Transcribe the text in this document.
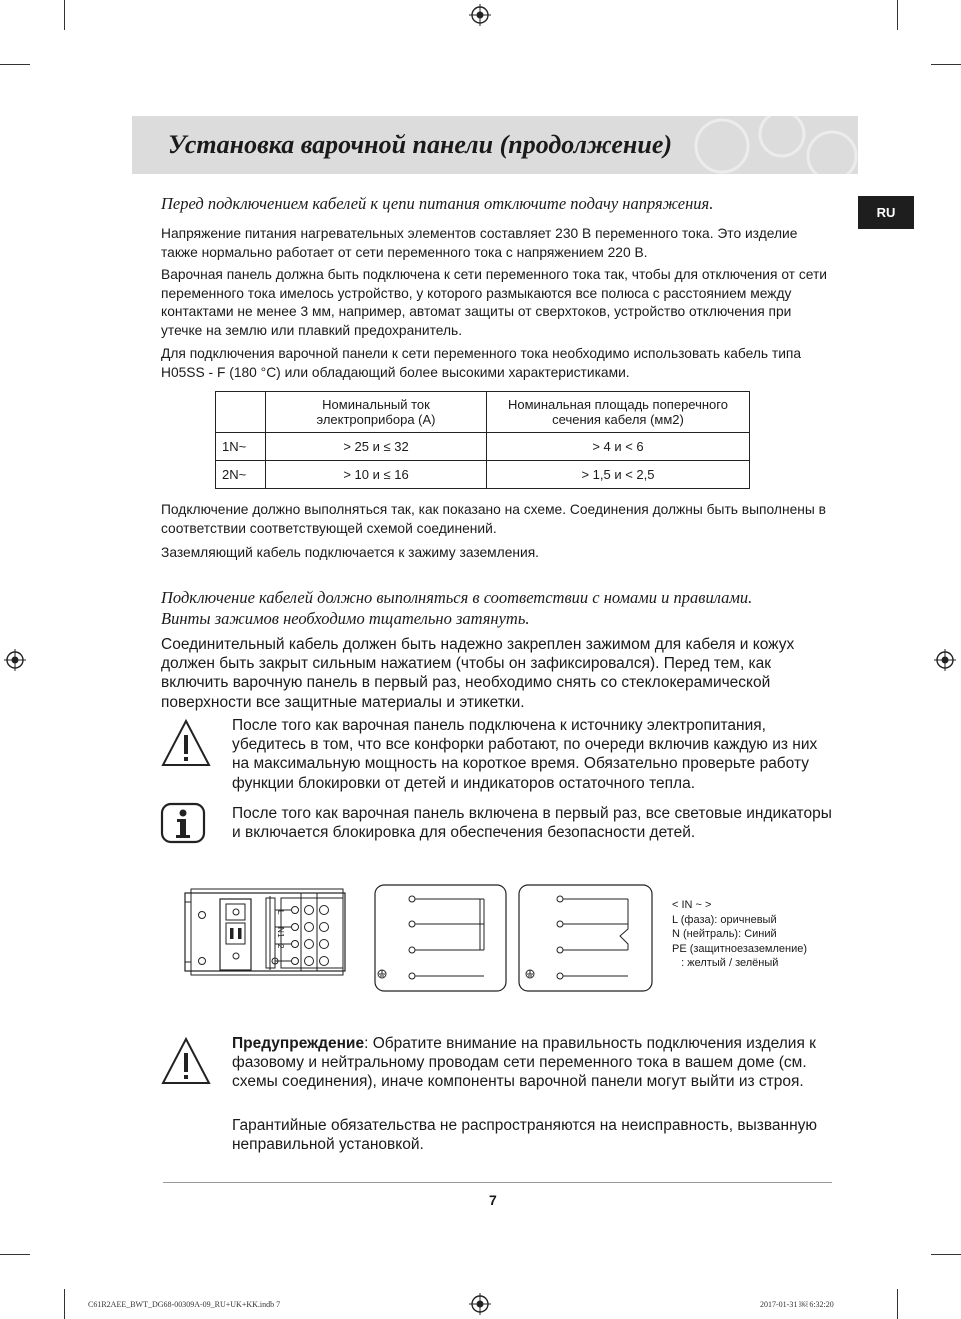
Установка варочной панели (продолжение)
RU
Перед подключением кабелей к цепи питания отключите подачу напряжения.
Напряжение питания нагревательных элементов составляет 230 В переменного тока. Это изделие также нормально работает от сети переменного тока с напряжением 220 В.
Варочная панель должна быть подключена к сети переменного тока так, чтобы для отключения от сети переменного тока имелось устройство, у которого размыкаются все полюса с расстоянием между контактами не менее 3 мм, например, автомат защиты от сверхтоков, устройство отключения при утечке на землю или плавкий предохранитель.
Для подключения варочной панели к сети переменного тока необходимо использовать кабель типа H05SS - F (180 °C) или обладающий более высокими характеристиками.
	Номинальный ток электроприбора (A)	Номинальная площадь поперечного сечения кабеля (мм2)
1N~	> 25 и ≤ 32	> 4 и < 6
2N~	> 10 и ≤ 16	> 1,5 и < 2,5
Подключение должно выполняться так, как показано на схеме. Соединения должны быть выполнены в соответствии соответствующей схемой соединений.
Заземляющий кабель подключается к зажиму заземления.
Подключение кабелей должно выполняться в соответствии с номами и правилами.
Винты зажимов необходимо тщательно затянуть.
Соединительный кабель должен быть надежно закреплен зажимом для кабеля и кожух должен быть закрыт сильным нажатием (чтобы он зафиксировался). Перед тем, как включить варочную панель в первый раз, необходимо снять со стеклокерамической поверхности все защитные материалы и этикетки.
После того как варочная панель подключена к источнику электропитания, убедитесь в том, что все конфорки работают, по очереди включив каждую из них на максимальную мощность на короткое время. Обязательно проверьте работу функции блокировки от детей и индикаторов остаточного тепла.
После того как варочная панель включена в первый раз, все световые индикаторы и включается блокировка для обеспечения безопасности детей.
L
N
1
2
< IN ~ >
L (фаза): оричневый
N (нейтраль): Синий
PE (защитноезаземление)
: желтый / зелёный
Предупреждение: Обратите внимание на правильность подключения изделия к фазовому и нейтральному проводам сети переменного тока в вашем доме (см. схемы соединения), иначе компоненты варочной панели могут выйти из строя.
Гарантийные обязательства не распространяются на неисправность, вызванную неправильной установкой.
7
C61R2AEE_BWT_DG68-00309A-09_RU+UK+KK.indb 7	2017-01-31 ￼ 6:32:20
